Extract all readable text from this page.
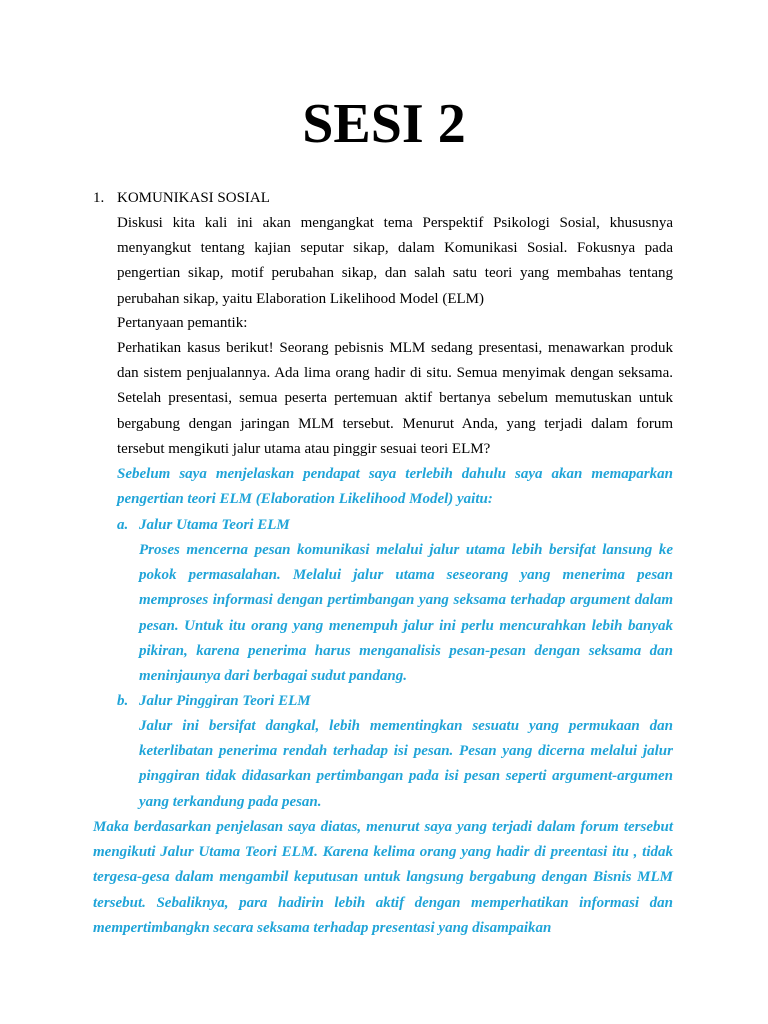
SESI 2
1. KOMUNIKASI SOSIAL

Diskusi kita kali ini akan mengangkat tema Perspektif Psikologi Sosial, khususnya menyangkut tentang kajian seputar sikap, dalam Komunikasi Sosial. Fokusnya pada pengertian sikap, motif perubahan sikap, dan salah satu teori yang membahas tentang perubahan sikap, yaitu Elaboration Likelihood Model (ELM)

Pertanyaan pemantik:

Perhatikan kasus berikut! Seorang pebisnis MLM sedang presentasi, menawarkan produk dan sistem penjualannya. Ada lima orang hadir di situ. Semua menyimak dengan seksama. Setelah presentasi, semua peserta pertemuan aktif bertanya sebelum memutuskan untuk bergabung dengan jaringan MLM tersebut. Menurut Anda, yang terjadi dalam forum tersebut mengikuti jalur utama atau pinggir sesuai teori ELM?

Sebelum saya menjelaskan pendapat saya terlebih dahulu saya akan memaparkan pengertian teori ELM (Elaboration Likelihood Model) yaitu:

a. Jalur Utama Teori ELM

Proses mencerna pesan komunikasi melalui jalur utama lebih bersifat lansung ke pokok permasalahan. Melalui jalur utama seseorang yang menerima pesan memproses informasi dengan pertimbangan yang seksama terhadap argument dalam pesan. Untuk itu orang yang menempuh jalur ini perlu mencurahkan lebih banyak pikiran, karena penerima harus menganalisis pesan-pesan dengan seksama dan meninjaunya dari berbagai sudut pandang.

b. Jalur Pinggiran Teori ELM

Jalur ini bersifat dangkal, lebih mementingkan sesuatu yang permukaan dan keterlibatan penerima rendah terhadap isi pesan. Pesan yang dicerna melalui jalur pinggiran tidak didasarkan pertimbangan pada isi pesan seperti argument-argumen yang terkandung pada pesan.

Maka berdasarkan penjelasan saya diatas, menurut saya yang terjadi dalam forum tersebut mengikuti Jalur Utama Teori ELM. Karena kelima orang yang hadir di preentasi itu , tidak tergesa-gesa dalam mengambil keputusan untuk langsung bergabung dengan Bisnis MLM tersebut. Sebaliknya, para hadirin lebih aktif dengan memperhatikan informasi dan mempertimbangkn secara seksama terhadap presentasi yang disampaikan
